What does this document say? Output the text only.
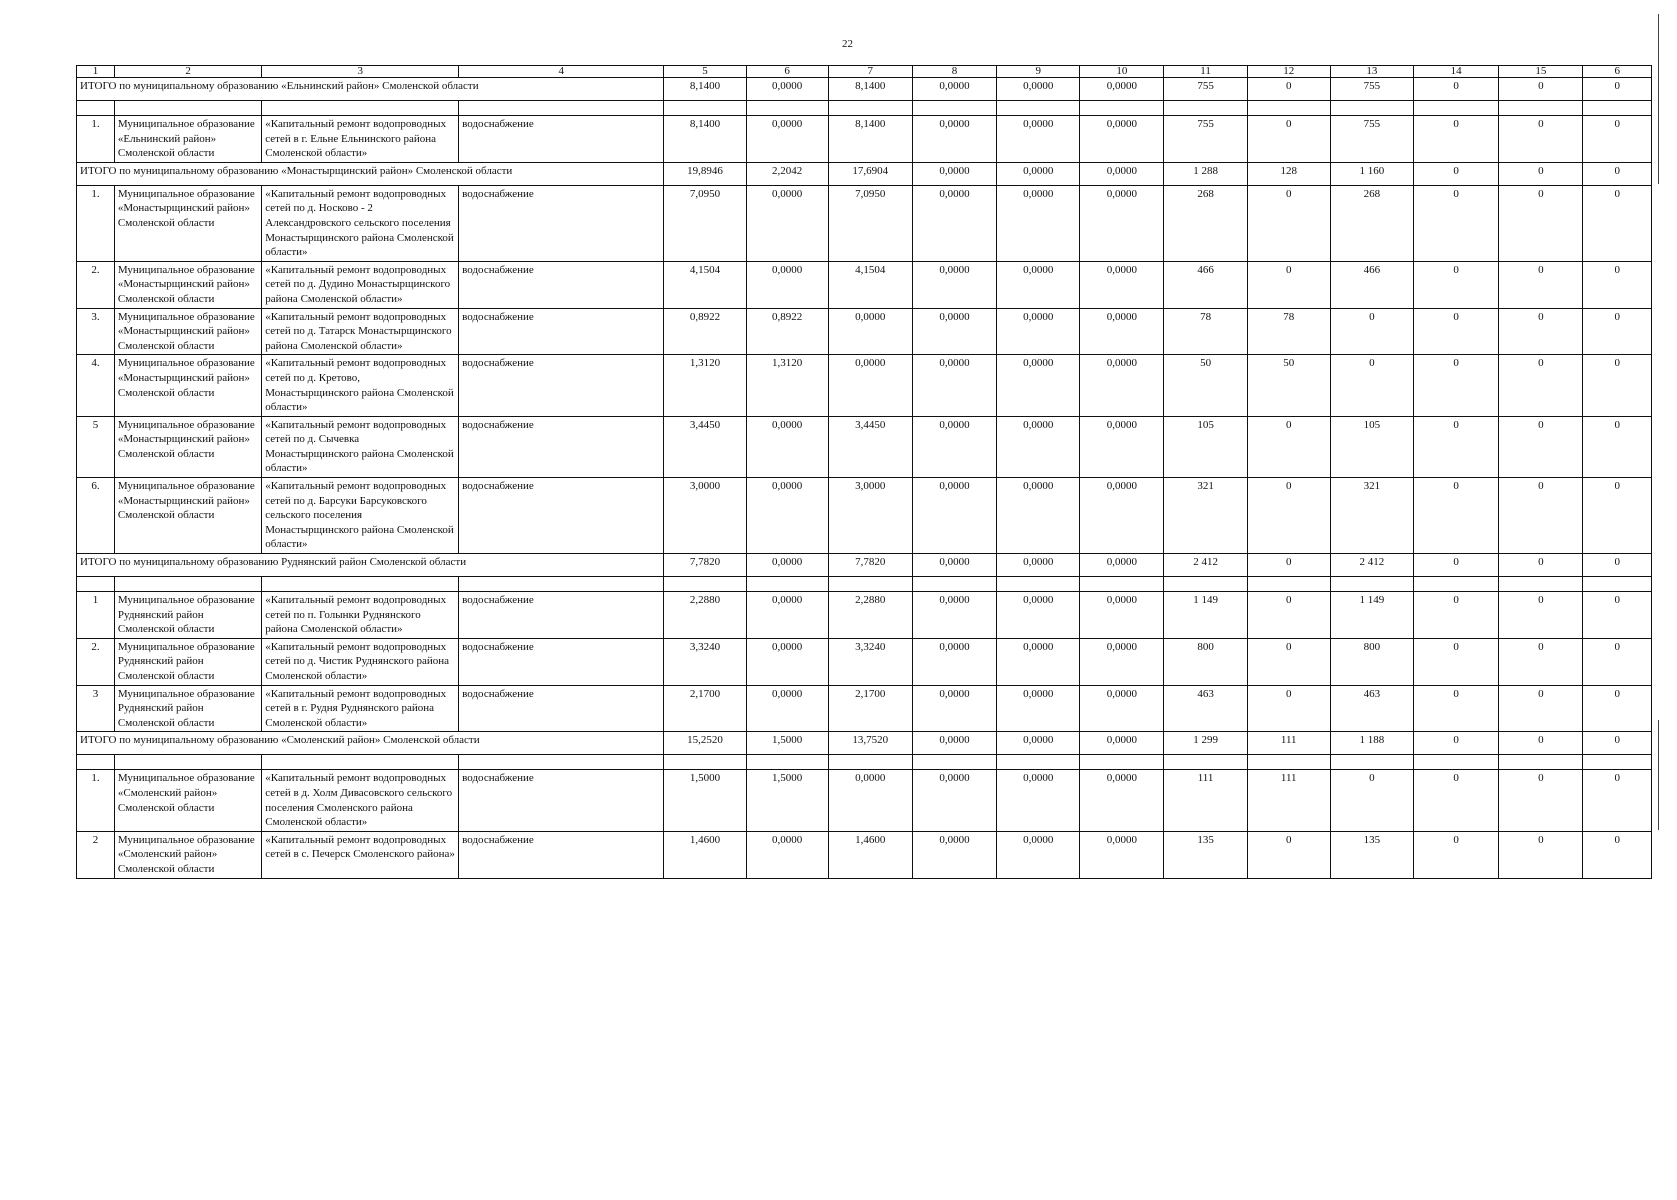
22
1	2	3	4	5	6	7	8	9	10	11	12	13	14	15	6
ИТОГО по муниципальному образованию «Ельнинский район» Смоленской области				8,1400	0,0000	8,1400	0,0000	0,0000	0,0000	755	0	755	0	0	0

1.	Муниципальное образование «Ельнинский район» Смоленской области	«Капитальный ремонт водопроводных сетей в г. Ельне Ельнинского района Смоленской области»	водоснабжение	8,1400	0,0000	8,1400	0,0000	0,0000	0,0000	755	0	755	0	0	0
ИТОГО по муниципальному образованию «Монастырщинский район» Смоленской области				19,8946	2,2042	17,6904	0,0000	0,0000	0,0000	1 288	128	1 160	0	0	0
1.	Муниципальное образование «Монастырщинский район» Смоленской области	«Капитальный ремонт водопроводных сетей по д. Носково - 2 Александровского сельского поселения Монастырщинского района Смоленской области»	водоснабжение	7,0950	0,0000	7,0950	0,0000	0,0000	0,0000	268	0	268	0	0	0
2.	Муниципальное образование «Монастырщинский район» Смоленской области	«Капитальный ремонт водопроводных сетей по д. Дудино Монастырщинского района Смоленской области»	водоснабжение	4,1504	0,0000	4,1504	0,0000	0,0000	0,0000	466	0	466	0	0	0
3.	Муниципальное образование «Монастырщинский район» Смоленской области	«Капитальный ремонт водопроводных сетей по д. Татарск Монастырщинского района Смоленской области»	водоснабжение	0,8922	0,8922	0,0000	0,0000	0,0000	0,0000	78	78	0	0	0	0
4.	Муниципальное образование «Монастырщинский район» Смоленской области	«Капитальный ремонт водопроводных сетей по д. Кретово, Монастырщинского района Смоленской области»	водоснабжение	1,3120	1,3120	0,0000	0,0000	0,0000	0,0000	50	50	0	0	0	0
5	Муниципальное образование «Монастырщинский район» Смоленской области	«Капитальный ремонт водопроводных сетей по д. Сычевка Монастырщинского района Смоленской области»	водоснабжение	3,4450	0,0000	3,4450	0,0000	0,0000	0,0000	105	0	105	0	0	0
6.	Муниципальное образование «Монастырщинский район» Смоленской области	«Капитальный ремонт водопроводных сетей по д. Барсуки Барсуковского сельского поселения Монастырщинского района Смоленской области»	водоснабжение	3,0000	0,0000	3,0000	0,0000	0,0000	0,0000	321	0	321	0	0	0
ИТОГО по муниципальному образованию Руднянский район Смоленской области				7,7820	0,0000	7,7820	0,0000	0,0000	0,0000	2 412	0	2 412	0	0	0

1	Муниципальное образование Руднянский район Смоленской области	«Капитальный ремонт водопроводных сетей по п. Голынки Руднянского района Смоленской области»	водоснабжение	2,2880	0,0000	2,2880	0,0000	0,0000	0,0000	1 149	0	1 149	0	0	0
2.	Муниципальное образование Руднянский район Смоленской области	«Капитальный ремонт водопроводных сетей по д. Чистик Руднянского района Смоленской области»	водоснабжение	3,3240	0,0000	3,3240	0,0000	0,0000	0,0000	800	0	800	0	0	0
3	Муниципальное образование Руднянский район Смоленской области	«Капитальный ремонт водопроводных сетей в г. Рудня Руднянского района Смоленской области»	водоснабжение	2,1700	0,0000	2,1700	0,0000	0,0000	0,0000	463	0	463	0	0	0
ИТОГО по муниципальному образованию «Смоленский район» Смоленской области				15,2520	1,5000	13,7520	0,0000	0,0000	0,0000	1 299	111	1 188	0	0	0

1.	Муниципальное образование «Смоленский район» Смоленской области	«Капитальный ремонт водопроводных сетей в д. Холм Дивасовского сельского поселения Смоленского района Смоленской области»	водоснабжение	1,5000	1,5000	0,0000	0,0000	0,0000	0,0000	111	111	0	0	0	0
2	Муниципальное образование «Смоленский район» Смоленской области	«Капитальный ремонт водопроводных сетей в с. Печерск Смоленского района»	водоснабжение	1,4600	0,0000	1,4600	0,0000	0,0000	0,0000	135	0	135	0	0	0
